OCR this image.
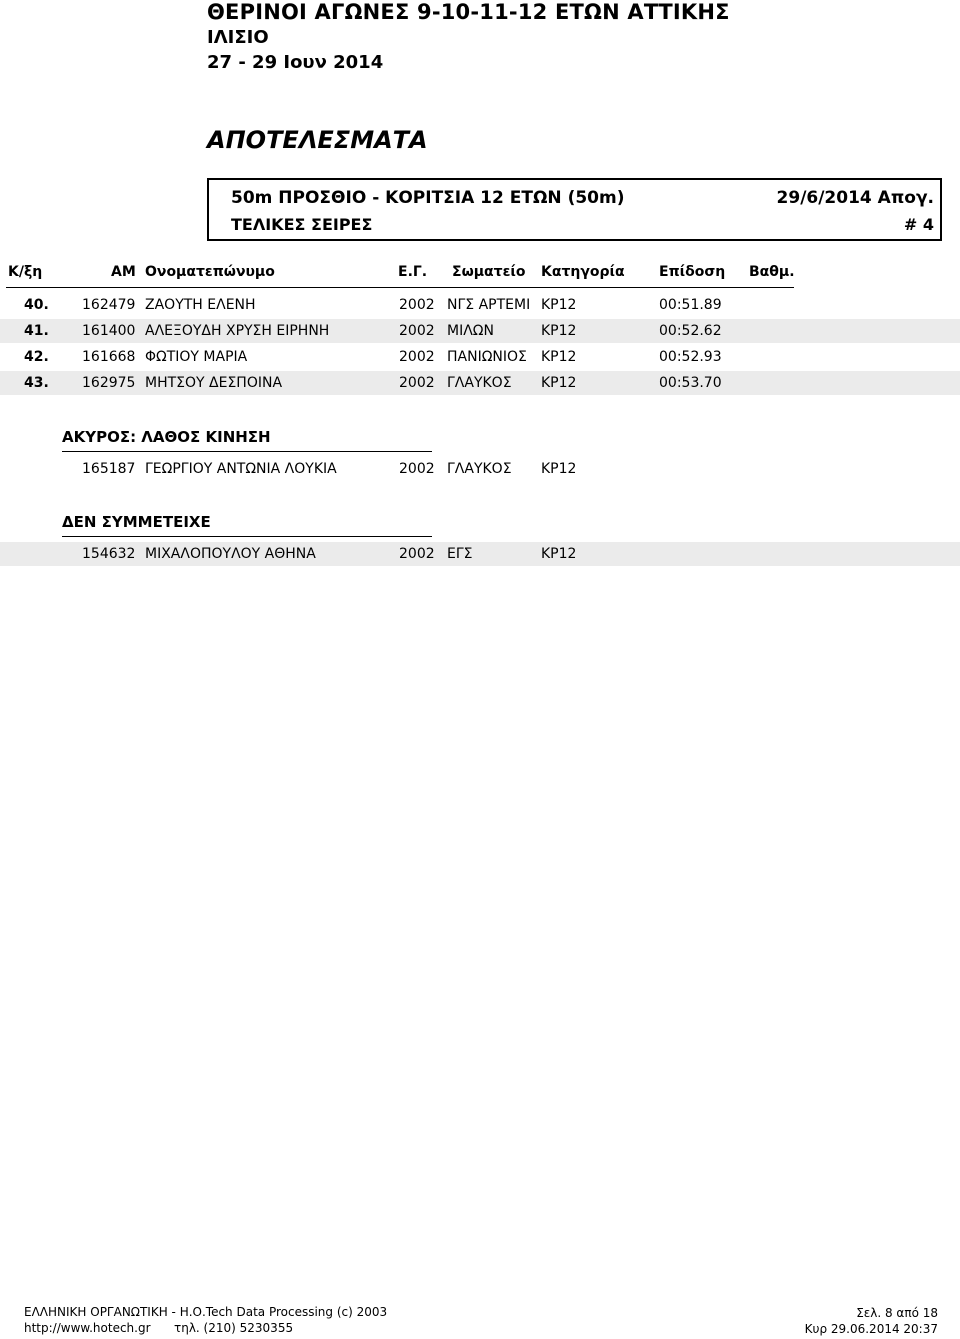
ΘΕΡΙΝΟΙ ΑΓΩΝΕΣ 9-10-11-12 ΕΤΩΝ ΑΤΤΙΚΗΣ
ΙΛΙΣΙΟ
27 - 29 Ιουν 2014
ΑΠΟΤΕΛΕΣΜΑΤΑ
50m ΠΡΟΣΘΙΟ - ΚΟΡΙΤΣΙΑ 12 ΕΤΩΝ (50m)	29/6/2014 Απογ.
ΤΕΛΙΚΕΣ ΣΕΙΡΕΣ	# 4
Κ/ξη	ΑΜ Ονοματεπώνυμο	Ε.Γ. Σωματείο Κατηγορία Επίδοση Βαθμ.
40. 162479 ΖΑΟΥΤΗ ΕΛΕΝΗ	2002 ΝΓΣ ΑΡΤΕΜΙ ΚΡ12	00:51.89
41. 161400 ΑΛΕΞΟΥΔΗ ΧΡΥΣΗ ΕΙΡΗΝΗ	2002 ΜΙΛΩΝ	ΚΡ12	00:52.62
42. 161668 ΦΩΤΙΟΥ ΜΑΡΙΑ	2002 ΠΑΝΙΩΝΙΟΣ ΚΡ12	00:52.93
43. 162975 ΜΗΤΣΟΥ ΔΕΣΠΟΙΝΑ	2002 ΓΛΑΥΚΟΣ ΚΡ12	00:53.70
ΑΚΥΡΟΣ: ΛΑΘΟΣ ΚΙΝΗΣΗ
165187 ΓΕΩΡΓΙΟΥ ΑΝΤΩΝΙΑ ΛΟΥΚΙΑ	2002 ΓΛΑΥΚΟΣ ΚΡ12
ΔΕΝ ΣΥΜΜΕΤΕΙΧΕ
154632 ΜΙΧΑΛΟΠΟΥΛΟΥ ΑΘΗΝΑ	2002 ΕΓΣ	ΚΡ12
ΕΛΛΗΝΙΚΗ ΟΡΓΑΝΩΤΙΚΗ - Η.Ο.Tech Data Processing (c) 2003
http://www.hotech.gr τηλ. (210) 5230355
Σελ. 8 από 18
Κυρ 29.06.2014 20:37
